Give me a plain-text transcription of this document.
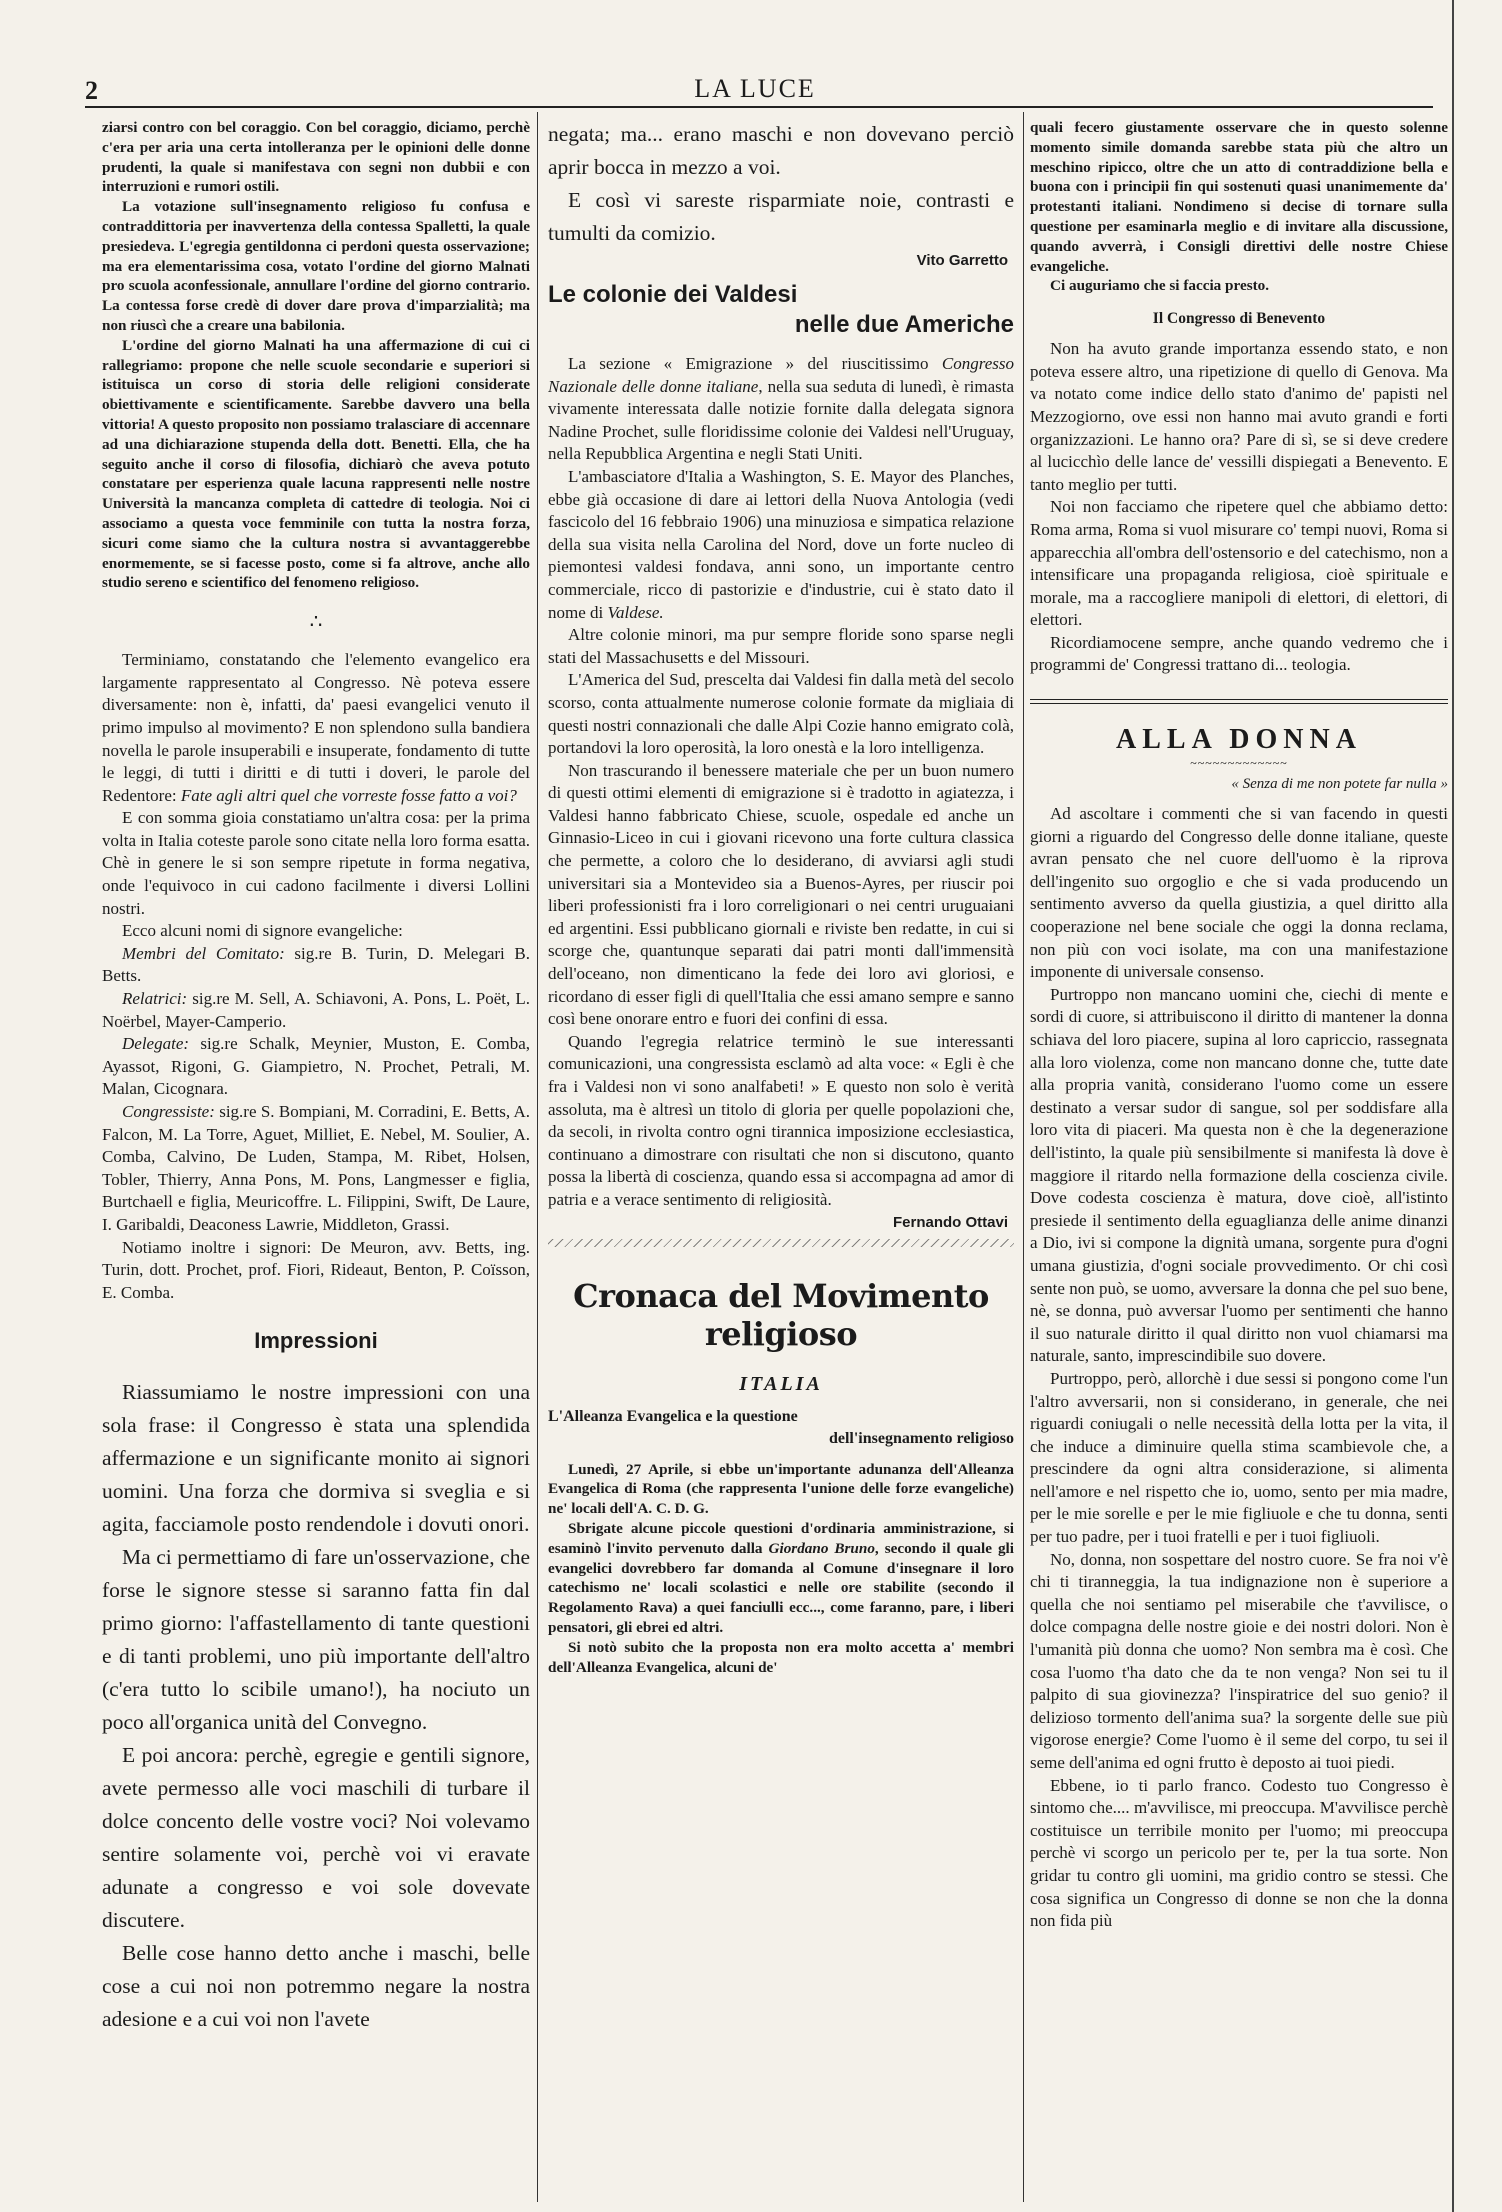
2	LA LUCE

ziarsi contro con bel coraggio. Con bel coraggio, diciamo, perchè c'era per aria una certa intolleranza per le opinioni delle donne prudenti, la quale si manifestava con segni non dubbii e con interruzioni e rumori ostili.

La votazione sull'insegnamento religioso fu confusa e contraddittoria per inavvertenza della contessa Spalletti, la quale presiedeva. L'egregia gentildonna ci perdoni questa osservazione; ma era elementarissima cosa, votato l'ordine del giorno Malnati pro scuola aconfessionale, annullare l'ordine del giorno contrario. La contessa forse credè di dover dare prova d'imparzialità; ma non riuscì che a creare una babilonia.

L'ordine del giorno Malnati ha una affermazione di cui ci rallegriamo: propone che nelle scuole secondarie e superiori si istituisca un corso di storia delle religioni considerate obiettivamente e scientificamente. Sarebbe davvero una bella vittoria! A questo proposito non possiamo tralasciare di accennare ad una dichiarazione stupenda della dott. Benetti. Ella, che ha seguito anche il corso di filosofia, dichiarò che aveva potuto constatare per esperienza quale lacuna rappresenti nelle nostre Università la mancanza completa di cattedre di teologia. Noi ci associamo a questa voce femminile con tutta la nostra forza, sicuri come siamo che la cultura nostra si avvantaggerebbe enormemente, se si facesse posto, come si fa altrove, anche allo studio sereno e scientifico del fenomeno religioso.

∴

Terminiamo, constatando che l'elemento evangelico era largamente rappresentato al Congresso. Nè poteva essere diversamente: non è, infatti, da' paesi evangelici venuto il primo impulso al movimento? E non splendono sulla bandiera novella le parole insuperabili e insuperate, fondamento di tutte le leggi, di tutti i diritti e di tutti i doveri, le parole del Redentore: Fate agli altri quel che vorreste fosse fatto a voi?

E con somma gioia constatiamo un'altra cosa: per la prima volta in Italia coteste parole sono citate nella loro forma esatta. Chè in genere le si son sempre ripetute in forma negativa, onde l'equivoco in cui cadono facilmente i diversi Lollini nostri.

Ecco alcuni nomi di signore evangeliche:

Membri del Comitato: sig.re B. Turin, D. Melegari B. Betts.

Relatrici: sig.re M. Sell, A. Schiavoni, A. Pons, L. Poët, L. Noërbel, Mayer-Camperio.

Delegate: sig.re Schalk, Meynier, Muston, E. Comba, Ayassot, Rigoni, G. Giampietro, N. Prochet, Petrali, M. Malan, Cicognara.

Congressiste: sig.re S. Bompiani, M. Corradini, E. Betts, A. Falcon, M. La Torre, Aguet, Milliet, E. Nebel, M. Soulier, A. Comba, Calvino, De Luden, Stampa, M. Ribet, Holsen, Tobler, Thierry, Anna Pons, M. Pons, Langmesser e figlia, Burtchaell e figlia, Meuricoffre. L. Filippini, Swift, De Laure, I. Garibaldi, Deaconess Lawrie, Middleton, Grassi.

Notiamo inoltre i signori: De Meuron, avv. Betts, ing. Turin, dott. Prochet, prof. Fiori, Rideaut, Benton, P. Coïsson, E. Comba.

Impressioni

Riassumiamo le nostre impressioni con una sola frase: il Congresso è stata una splendida affermazione e un significante monito ai signori uomini. Una forza che dormiva si sveglia e si agita, facciamole posto rendendole i dovuti onori.

Ma ci permettiamo di fare un'osservazione, che forse le signore stesse si saranno fatta fin dal primo giorno: l'affastellamento di tante questioni e di tanti problemi, uno più importante dell'altro (c'era tutto lo scibile umano!), ha nociuto un poco all'organica unità del Convegno.

E poi ancora: perchè, egregie e gentili signore, avete permesso alle voci maschili di turbare il dolce concento delle vostre voci? Noi volevamo sentire solamente voi, perchè voi vi eravate adunate a congresso e voi sole dovevate discutere.

Belle cose hanno detto anche i maschi, belle cose a cui noi non potremmo negare la nostra adesione e a cui voi non l'avete

negata; ma... erano maschi e non dovevano perciò aprir bocca in mezzo a voi.

E così vi sareste risparmiate noie, contrasti e tumulti da comizio.

Vito Garretto
Le colonie dei Valdesi
nelle due Americhe

La sezione « Emigrazione » del riuscitissimo Congresso Nazionale delle donne italiane, nella sua seduta di lunedì, è rimasta vivamente interessata dalle notizie fornite dalla delegata signora Nadine Prochet, sulle floridissime colonie dei Valdesi nell'Uruguay, nella Repubblica Argentina e negli Stati Uniti.

L'ambasciatore d'Italia a Washington, S. E. Mayor des Planches, ebbe già occasione di dare ai lettori della Nuova Antologia (vedi fascicolo del 16 febbraio 1906) una minuziosa e simpatica relazione della sua visita nella Carolina del Nord, dove un forte nucleo di piemontesi valdesi fondava, anni sono, un importante centro commerciale, ricco di pastorizie e d'industrie, cui è stato dato il nome di Valdese.

Altre colonie minori, ma pur sempre floride sono sparse negli stati del Massachusetts e del Missouri.

L'America del Sud, prescelta dai Valdesi fin dalla metà del secolo scorso, conta attualmente numerose colonie formate da migliaia di questi nostri connazionali che dalle Alpi Cozie hanno emigrato colà, portandovi la loro operosità, la loro onestà e la loro intelligenza.

Non trascurando il benessere materiale che per un buon numero di questi ottimi elementi di emigrazione si è tradotto in agiatezza, i Valdesi hanno fabbricato Chiese, scuole, ospedale ed anche un Ginnasio-Liceo in cui i giovani ricevono una forte cultura classica che permette, a coloro che lo desiderano, di avviarsi agli studi universitari sia a Montevideo sia a Buenos-Ayres, per riuscir poi liberi professionisti fra i loro correligionari o nei centri uruguaiani ed argentini. Essi pubblicano giornali e riviste ben redatte, in cui si scorge che, quantunque separati dai patri monti dall'immensità dell'oceano, non dimenticano la fede dei loro avi gloriosi, e ricordano di esser figli di quell'Italia che essi amano sempre e sanno così bene onorare entro e fuori dei confini di essa.

Quando l'egregia relatrice terminò le sue interessanti comunicazioni, una congressista esclamò ad alta voce: « Egli è che fra i Valdesi non vi sono analfabeti! » E questo non solo è verità assoluta, ma è altresì un titolo di gloria per quelle popolazioni che, da secoli, in rivolta contro ogni tirannica imposizione ecclesiastica, continuano a dimostrare con risultati che non si discutono, quanto possa la libertà di coscienza, quando essa si accompagna ad amor di patria e a verace sentimento di religiosità.

Fernando Ottavi
Cronaca del Movimento religioso
ITALIA
L'Alleanza Evangelica e la questione
dell'insegnamento religioso

Lunedì, 27 Aprile, si ebbe un'importante adunanza dell'Alleanza Evangelica di Roma (che rappresenta l'unione delle forze evangeliche) ne' locali dell'A. C. D. G.

Sbrigate alcune piccole questioni d'ordinaria amministrazione, si esaminò l'invito pervenuto dalla Giordano Bruno, secondo il quale gli evangelici dovrebbero far domanda al Comune d'insegnare il loro catechismo ne' locali scolastici e nelle ore stabilite (secondo il Regolamento Rava) a quei fanciulli ecc..., come faranno, pare, i liberi pensatori, gli ebrei ed altri.

Si notò subito che la proposta non era molto accetta a' membri dell'Alleanza Evangelica, alcuni de'

quali fecero giustamente osservare che in questo solenne momento simile domanda sarebbe stata più che altro un meschino ripicco, oltre che un atto di contraddizione bella e buona con i principii fin qui sostenuti quasi unanimemente da' protestanti italiani. Nondimeno si decise di tornare sulla questione per esaminarla meglio e di invitare alla discussione, quando avverrà, i Consigli direttivi delle nostre Chiese evangeliche.

Ci auguriamo che si faccia presto.

Il Congresso di Benevento

Non ha avuto grande importanza essendo stato, e non poteva essere altro, una ripetizione di quello di Genova. Ma va notato come indice dello stato d'animo de' papisti nel Mezzogiorno, ove essi non hanno mai avuto grandi e forti organizzazioni. Le hanno ora? Pare di sì, se si deve credere al lucicchìo delle lance de' vessilli dispiegati a Benevento. E tanto meglio per tutti.

Noi non facciamo che ripetere quel che abbiamo detto: Roma arma, Roma si vuol misurare co' tempi nuovi, Roma si apparecchia all'ombra dell'ostensorio e del catechismo, non a intensificare una propaganda religiosa, cioè spirituale e morale, ma a raccogliere manipoli di elettori, di elettori, di elettori.

Ricordiamocene sempre, anche quando vedremo che i programmi de' Congressi trattano di... teologia.

ALLA DONNA
~~~~~~~~~~~~~
« Senza di me non potete far nulla »

Ad ascoltare i commenti che si van facendo in questi giorni a riguardo del Congresso delle donne italiane, queste avran pensato che nel cuore dell'uomo è la riprova dell'ingenito suo orgoglio e che si vada producendo un sentimento avverso da quella giustizia, a quel diritto alla cooperazione nel bene sociale che oggi la donna reclama, non più con voci isolate, ma con una manifestazione imponente di universale consenso.

Purtroppo non mancano uomini che, ciechi di mente e sordi di cuore, si attribuiscono il diritto di mantener la donna schiava del loro piacere, supina al loro capriccio, rassegnata alla loro violenza, come non mancano donne che, tutte date alla propria vanità, considerano l'uomo come un essere destinato a versar sudor di sangue, sol per soddisfare alla loro vita di piaceri. Ma questa non è che la degenerazione dell'istinto, la quale più sensibilmente si manifesta là dove è maggiore il ritardo nella formazione della coscienza civile. Dove codesta coscienza è matura, dove cioè, all'istinto presiede il sentimento della eguaglianza delle anime dinanzi a Dio, ivi si compone la dignità umana, sorgente pura d'ogni umana giustizia, d'ogni sociale provvedimento. Or chi così sente non può, se uomo, avversare la donna che pel suo bene, nè, se donna, può avversar l'uomo per sentimenti che hanno il suo naturale diritto il qual diritto non vuol chiamarsi ma naturale, santo, imprescindibile suo dovere.

Purtroppo, però, allorchè i due sessi si pongono come l'un l'altro avversarii, non si considerano, in generale, che nei riguardi coniugali o nelle necessità della lotta per la vita, il che induce a diminuire quella stima scambievole che, a prescindere da ogni altra considerazione, si alimenta nell'amore e nel rispetto che io, uomo, sento per mia madre, per le mie sorelle e per le mie figliuole e che tu donna, senti per tuo padre, per i tuoi fratelli e per i tuoi figliuoli.

No, donna, non sospettare del nostro cuore. Se fra noi v'è chi ti tiranneggia, la tua indignazione non è superiore a quella che noi sentiamo pel miserabile che t'avvilisce, o dolce compagna delle nostre gioie e dei nostri dolori. Non è l'umanità più donna che uomo? Non sembra ma è così. Che cosa l'uomo t'ha dato che da te non venga? Non sei tu il palpito di sua giovinezza? l'inspiratrice del suo genio? il delizioso tormento dell'anima sua? la sorgente delle sue più vigorose energie? Come l'uomo è il seme del corpo, tu sei il seme dell'anima ed ogni frutto è deposto ai tuoi piedi.

Ebbene, io ti parlo franco. Codesto tuo Congresso è sintomo che.... m'avvilisce, mi preoccupa. M'avvilisce perchè costituisce un terribile monito per l'uomo; mi preoccupa perchè vi scorgo un pericolo per te, per la tua sorte. Non gridar tu contro gli uomini, ma gridio contro se stessi. Che cosa significa un Congresso di donne se non che la donna non fida più
